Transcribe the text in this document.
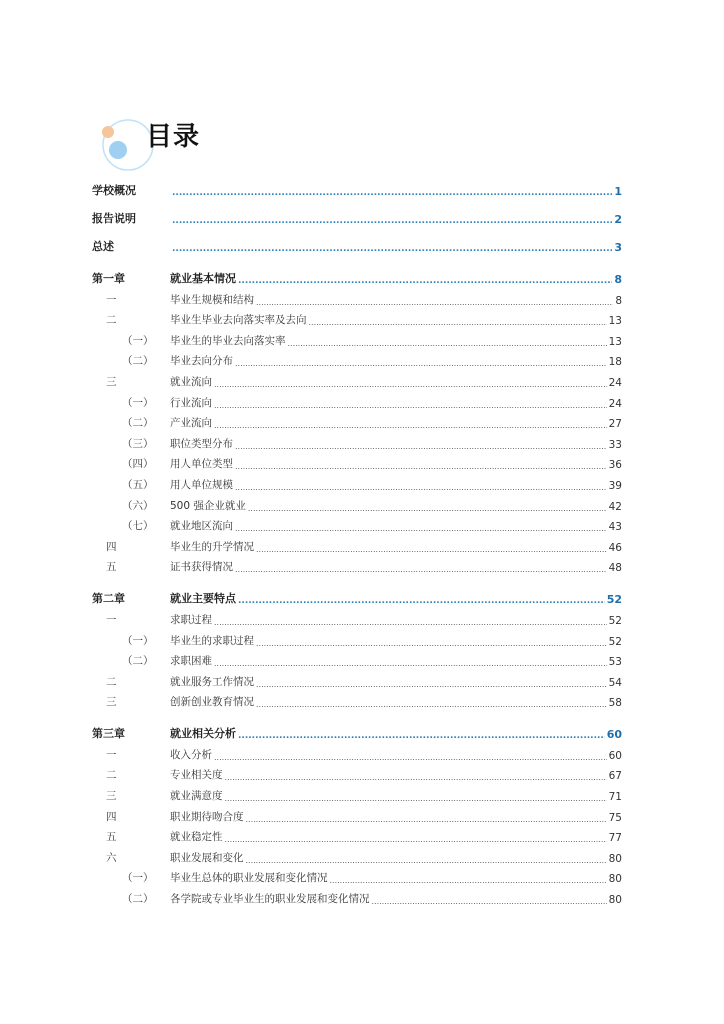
目录
学校概况 .....	1
报告说明 .....	2
总述 .....	3
第一章	就业基本情况 .....	8
一	毕业生规模和结构 .....	8
二	毕业生毕业去向落实率及去向 .....	13
（一）	毕业生的毕业去向落实率 .....	13
（二）	毕业去向分布 .....	18
三	就业流向 .....	24
（一）	行业流向 .....	24
（二）	产业流向 .....	27
（三）	职位类型分布 .....	33
（四）	用人单位类型 .....	36
（五）	用人单位规模 .....	39
（六）	500 强企业就业 .....	42
（七）	就业地区流向 .....	43
四	毕业生的升学情况 .....	46
五	证书获得情况 .....	48
第二章	就业主要特点 .....	52
一	求职过程 .....	52
（一）	毕业生的求职过程 .....	52
（二）	求职困难 .....	53
二	就业服务工作情况 .....	54
三	创新创业教育情况 .....	58
第三章	就业相关分析 .....	60
一	收入分析 .....	60
二	专业相关度 .....	67
三	就业满意度 .....	71
四	职业期待吻合度 .....	75
五	就业稳定性 .....	77
六	职业发展和变化 .....	80
（一）	毕业生总体的职业发展和变化情况 .....	80
（二）	各学院或专业毕业生的职业发展和变化情况 .....	80
